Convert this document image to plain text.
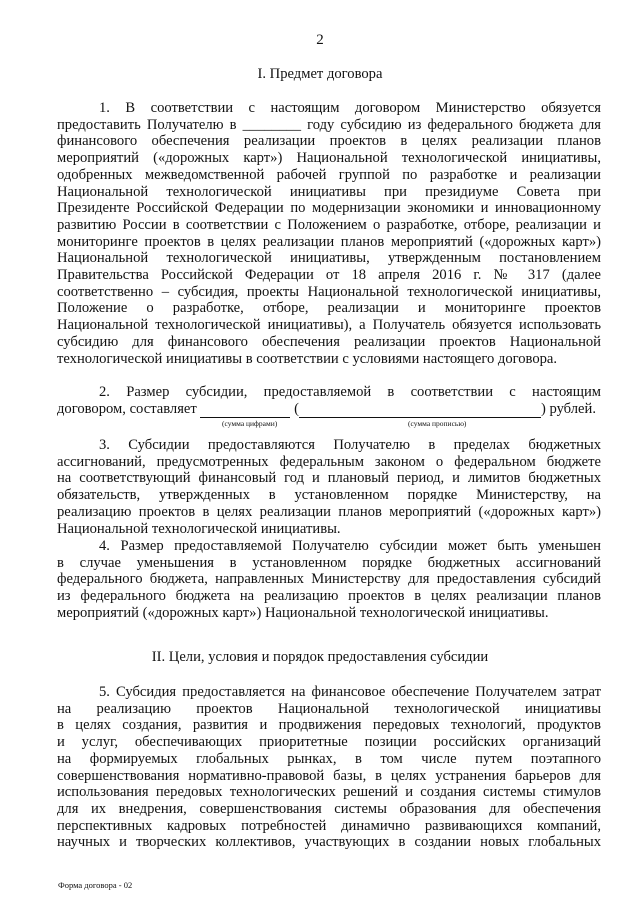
2
I. Предмет договора
1. В соответствии с настоящим договором Министерство обязуется
предоставить Получателю в ________ году субсидию из федерального бюджета для
финансового обеспечения реализации проектов в целях реализации планов
мероприятий («дорожных карт») Национальной технологической инициативы,
одобренных межведомственной рабочей группой по разработке и реализации
Национальной технологической инициативы при президиуме Совета при
Президенте Российской Федерации по модернизации экономики и инновационному
развитию России в соответствии с Положением о разработке, отборе, реализации и
мониторинге проектов в целях реализации планов мероприятий («дорожных карт»)
Национальной технологической инициативы, утвержденным постановлением
Правительства Российской Федерации от 18 апреля 2016 г. № 317 (далее
соответственно – субсидия, проекты Национальной технологической инициативы,
Положение о разработке, отборе, реализации и мониторинге проектов
Национальной технологической инициативы), а Получатель обязуется использовать
субсидию для финансового обеспечения реализации проектов Национальной
технологической инициативы в соответствии с условиями настоящего договора.
2. Размер субсидии, предоставляемой в соответствии с настоящим
договором, составляет	(	) рублей.
(сумма цифрами)	(сумма прописью)
3. Субсидии предоставляются Получателю в пределах бюджетных
ассигнований, предусмотренных федеральным законом о федеральном бюджете
на соответствующий финансовый год и плановый период, и лимитов бюджетных
обязательств, утвержденных в установленном порядке Министерству, на
реализацию проектов в целях реализации планов мероприятий («дорожных карт»)
Национальной технологической инициативы.
4. Размер предоставляемой Получателю субсидии может быть уменьшен
в случае уменьшения в установленном порядке бюджетных ассигнований
федерального бюджета, направленных Министерству для предоставления субсидий
из федерального бюджета на реализацию проектов в целях реализации планов
мероприятий («дорожных карт») Национальной технологической инициативы.
II. Цели, условия и порядок предоставления субсидии
5. Субсидия предоставляется на финансовое обеспечение Получателем затрат
на реализацию проектов Национальной технологической инициативы
в целях создания, развития и продвижения передовых технологий, продуктов
и услуг, обеспечивающих приоритетные позиции российских организаций
на формируемых глобальных рынках, в том числе путем поэтапного
совершенствования нормативно-правовой базы, в целях устранения барьеров для
использования передовых технологических решений и создания системы стимулов
для их внедрения, совершенствования системы образования для обеспечения
перспективных кадровых потребностей динамично развивающихся компаний,
научных и творческих коллективов, участвующих в создании новых глобальных
Форма договора - 02
